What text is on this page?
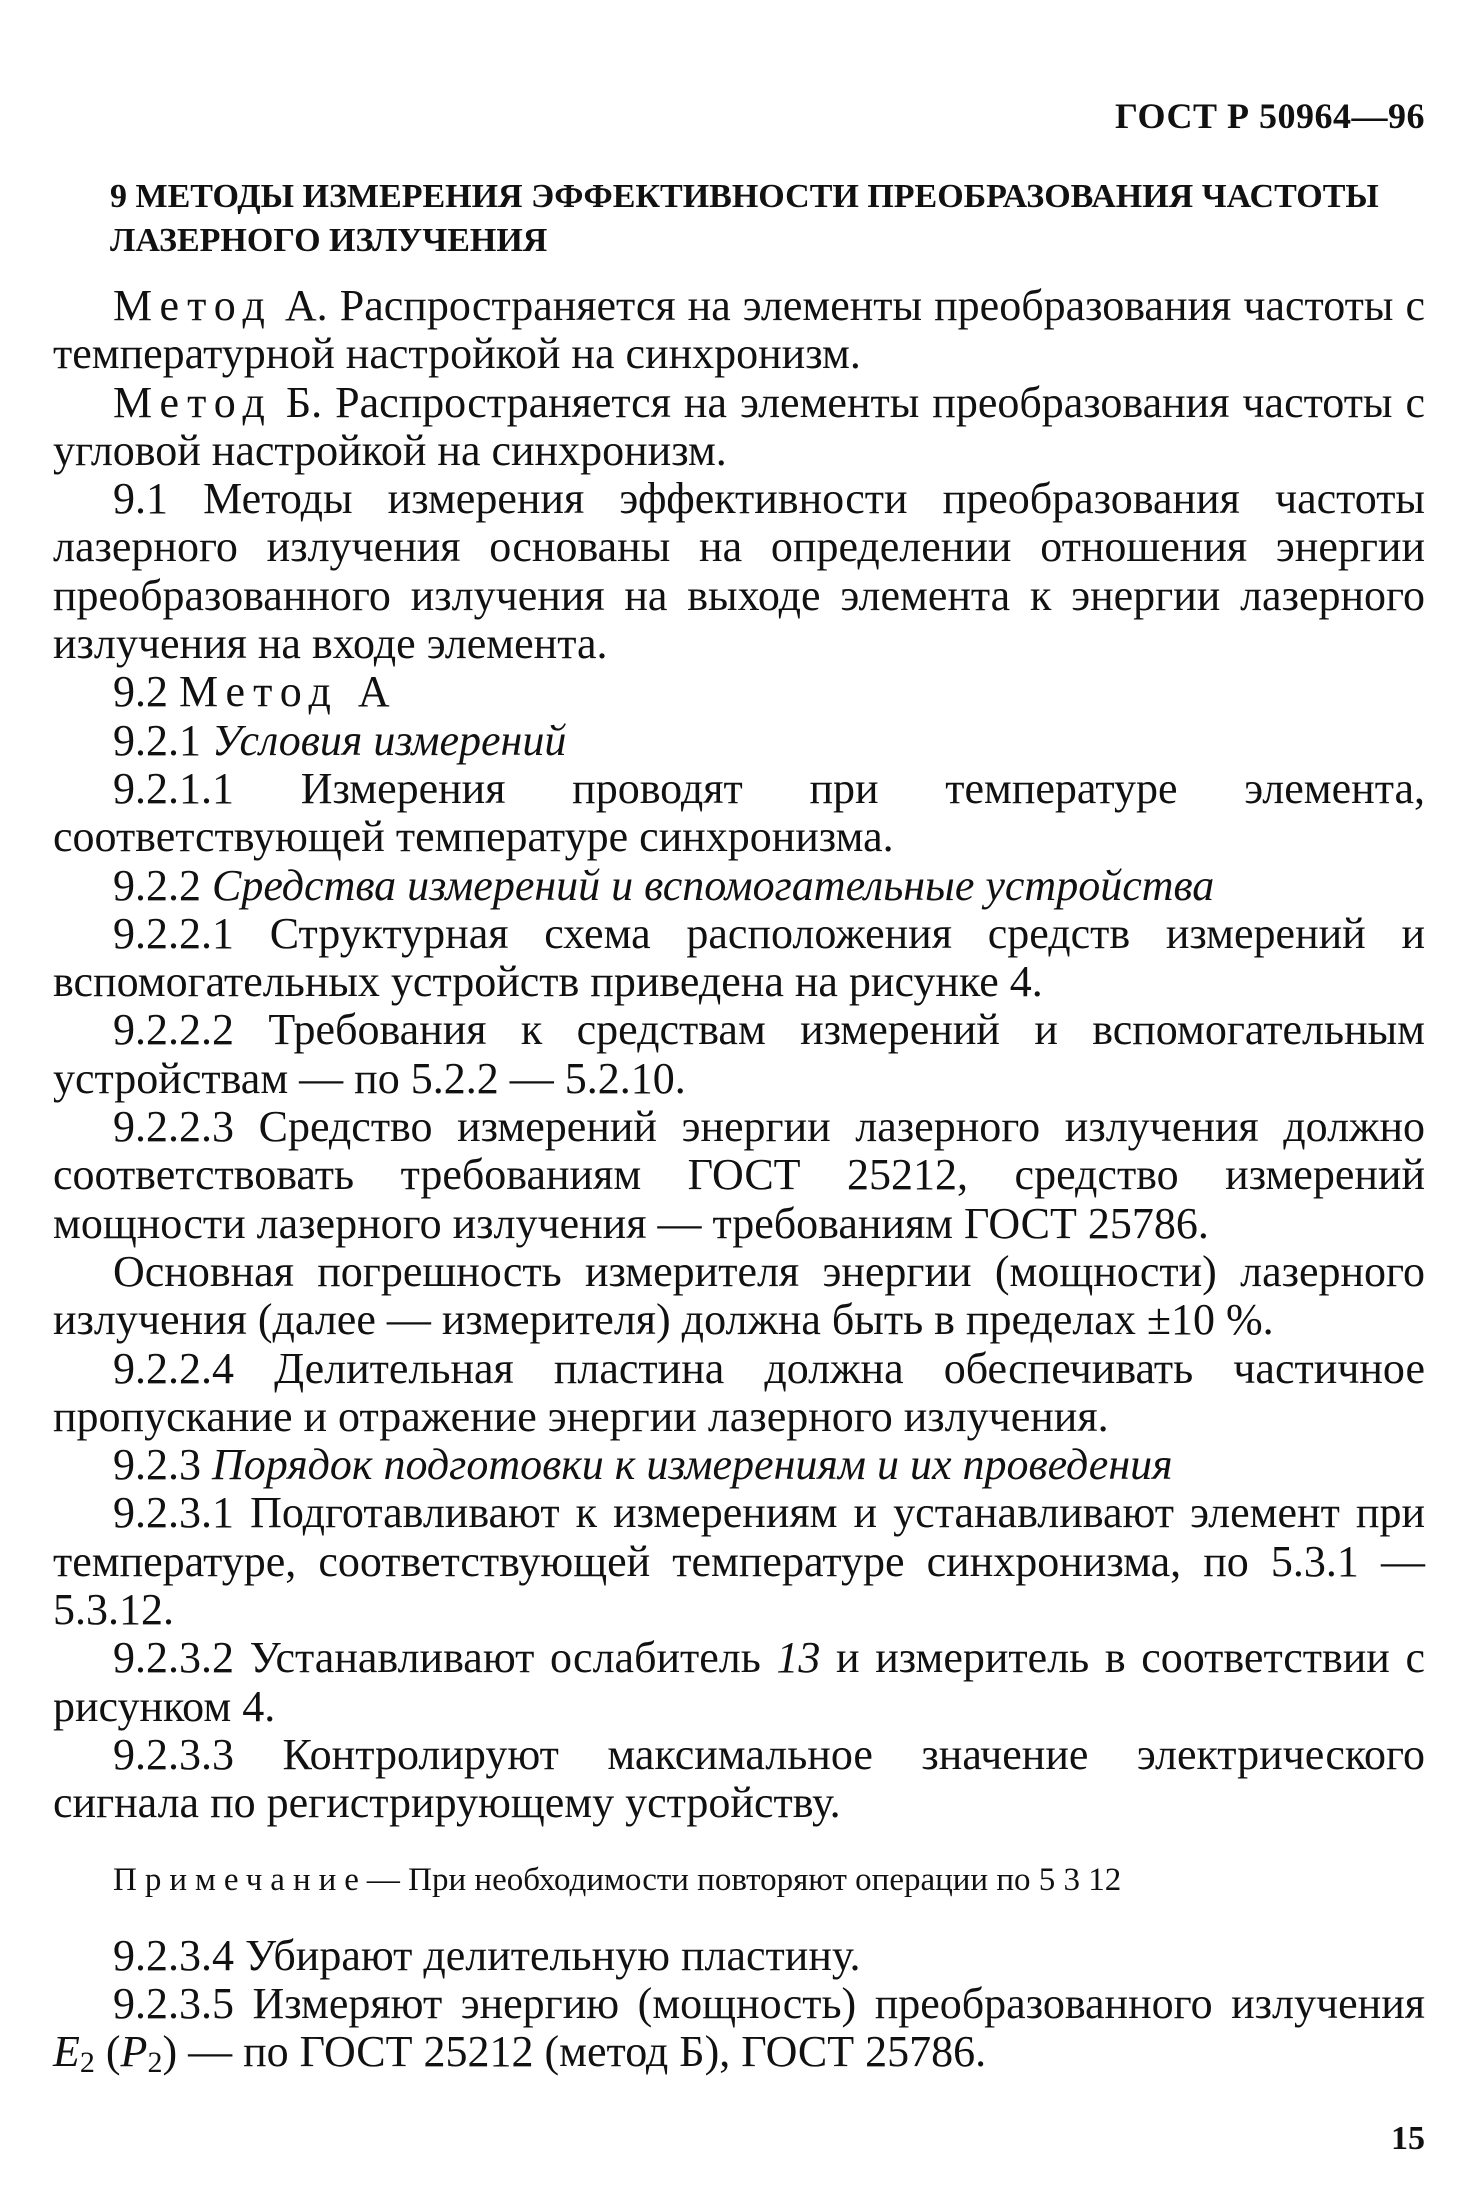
ГОСТ Р 50964—96
9 МЕТОДЫ ИЗМЕРЕНИЯ ЭФФЕКТИВНОСТИ ПРЕОБРАЗОВАНИЯ ЧАСТОТЫ ЛАЗЕРНОГО ИЗЛУЧЕНИЯ

Метод А. Распространяется на элементы преобразования частоты с температурной настройкой на синхронизм.

Метод Б. Распространяется на элементы преобразования частоты с угловой настройкой на синхронизм.

9.1 Методы измерения эффективности преобразования частоты лазерного излучения основаны на определении отношения энергии преобразованного излучения на выходе элемента к энергии лазерного излучения на входе элемента.

9.2 Метод А

9.2.1 Условия измерений

9.2.1.1 Измерения проводят при температуре элемента, соответствующей температуре синхронизма.

9.2.2 Средства измерений и вспомогательные устройства

9.2.2.1 Структурная схема расположения средств измерений и вспомогательных устройств приведена на рисунке 4.

9.2.2.2 Требования к средствам измерений и вспомогательным устройствам — по 5.2.2 — 5.2.10.

9.2.2.3 Средство измерений энергии лазерного излучения должно соответствовать требованиям ГОСТ 25212, средство измерений мощности лазерного излучения — требованиям ГОСТ 25786.

Основная погрешность измерителя энергии (мощности) лазерного излучения (далее — измерителя) должна быть в пределах ±10 %.

9.2.2.4 Делительная пластина должна обеспечивать частичное пропускание и отражение энергии лазерного излучения.

9.2.3 Порядок подготовки к измерениям и их проведения

9.2.3.1 Подготавливают к измерениям и устанавливают элемент при температуре, соответствующей температуре синхронизма, по 5.3.1 — 5.3.12.

9.2.3.2 Устанавливают ослабитель 13 и измеритель в соответствии с рисунком 4.

9.2.3.3 Контролируют максимальное значение электрического сигнала по регистрирующему устройству.

Примечание— При необходимости повторяют операции по 5 3 12

9.2.3.4 Убирают делительную пластину.

9.2.3.5 Измеряют энергию (мощность) преобразованного излучения $E_2$ $(P_2)$ — по ГОСТ 25212 (метод Б), ГОСТ 25786.

15
